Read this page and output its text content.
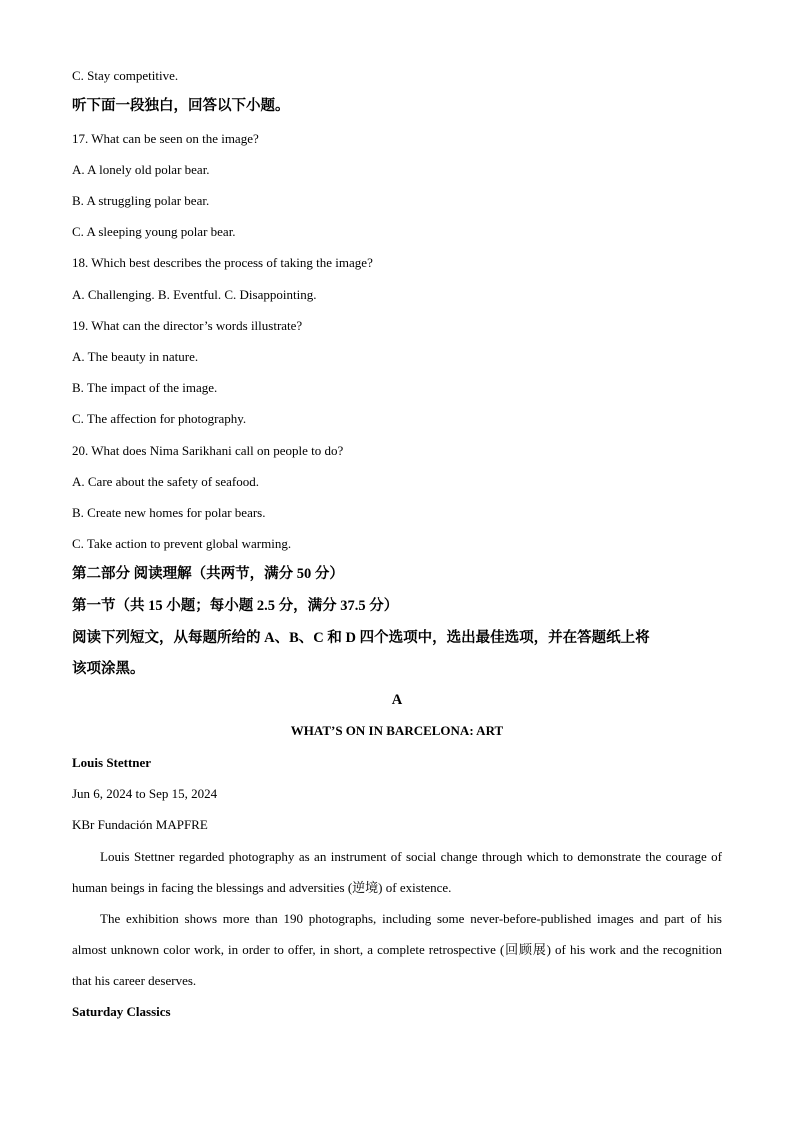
C. Stay competitive.
听下面一段独白，回答以下小题。
17. What can be seen on the image?
A. A lonely old polar bear.
B. A struggling polar bear.
C. A sleeping young polar bear.
18. Which best describes the process of taking the image?
A. Challenging. B. Eventful. C. Disappointing.
19. What can the director’s words illustrate?
A. The beauty in nature.
B. The impact of the image.
C. The affection for photography.
20. What does Nima Sarikhani call on people to do?
A. Care about the safety of seafood.
B. Create new homes for polar bears.
C. Take action to prevent global warming.
第二部分 阅读理解（共两节，满分 50 分）
第一节（共 15 小题；每小题 2.5 分，满分 37.5 分）
阅读下列短文，从每题所给的 A、B、C 和 D 四个选项中，选出最佳选项，并在答题纸上将
该项涂黑。
A
WHAT’S ON IN BARCELONA: ART
Louis Stettner
Jun 6, 2024 to Sep 15, 2024
KBr Fundación MAPFRE

Louis Stettner regarded photography as an instrument of social change through which to demonstrate the courage of human beings in facing the blessings and adversities (逆境) of existence.

The exhibition shows more than 190 photographs, including some never-before-published images and part of his almost unknown color work, in order to offer, in short, a complete retrospective (回顾展) of his work and the recognition that his career deserves.

Saturday Classics
